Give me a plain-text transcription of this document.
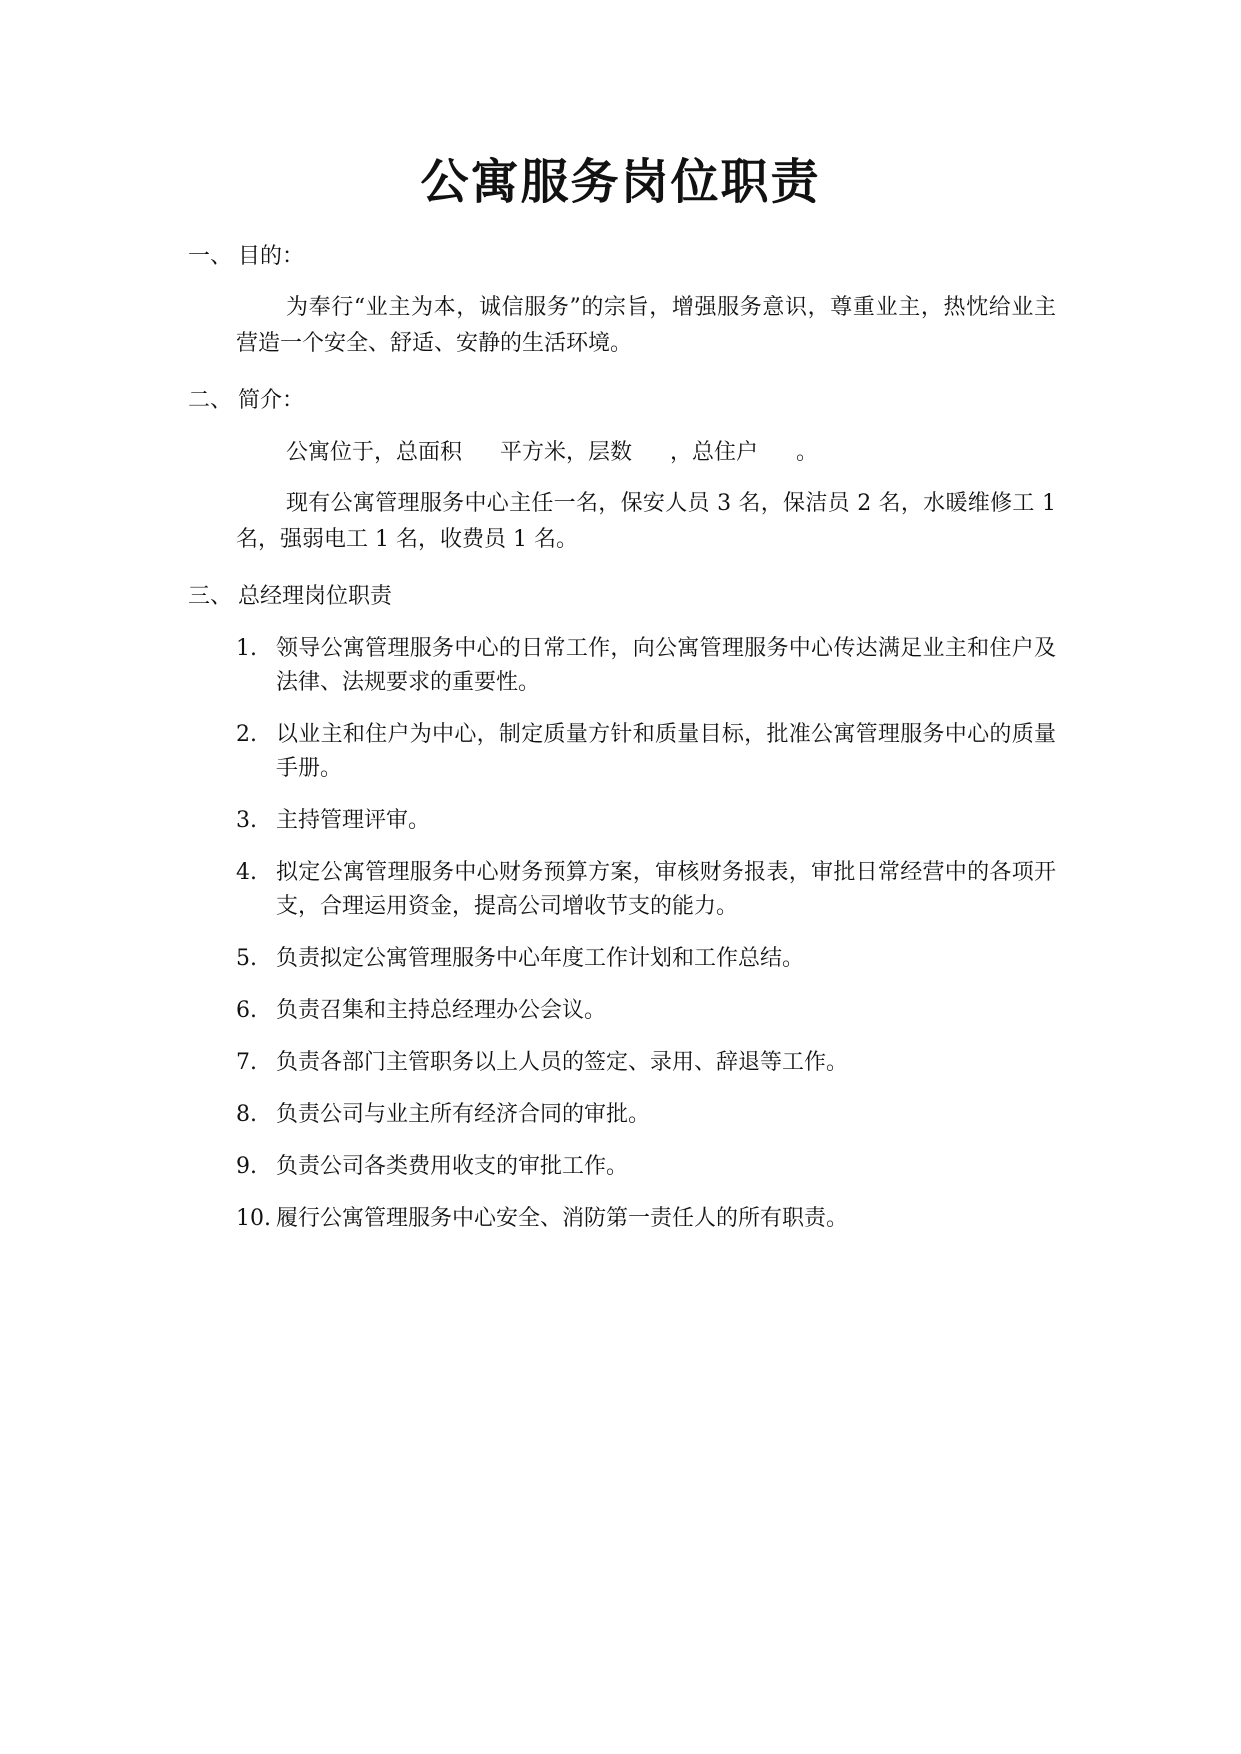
公寓服务岗位职责
一、 目的：
为奉行“业主为本，诚信服务”的宗旨，增强服务意识，尊重业主，热忱给业主营造一个安全、舒适、安静的生活环境。
二、 简介：
公寓位于，总面积 平方米，层数 ，总住户 。
现有公寓管理服务中心主任一名，保安人员 3 名，保洁员 2 名，水暖维修工 1 名，强弱电工 1 名，收费员 1 名。
三、 总经理岗位职责
1. 领导公寓管理服务中心的日常工作，向公寓管理服务中心传达满足业主和住户及法律、法规要求的重要性。
2. 以业主和住户为中心，制定质量方针和质量目标，批准公寓管理服务中心的质量手册。
3. 主持管理评审。
4. 拟定公寓管理服务中心财务预算方案，审核财务报表，审批日常经营中的各项开支，合理运用资金，提高公司增收节支的能力。
5. 负责拟定公寓管理服务中心年度工作计划和工作总结。
6. 负责召集和主持总经理办公会议。
7. 负责各部门主管职务以上人员的签定、录用、辞退等工作。
8. 负责公司与业主所有经济合同的审批。
9. 负责公司各类费用收支的审批工作。
10. 履行公寓管理服务中心安全、消防第一责任人的所有职责。
